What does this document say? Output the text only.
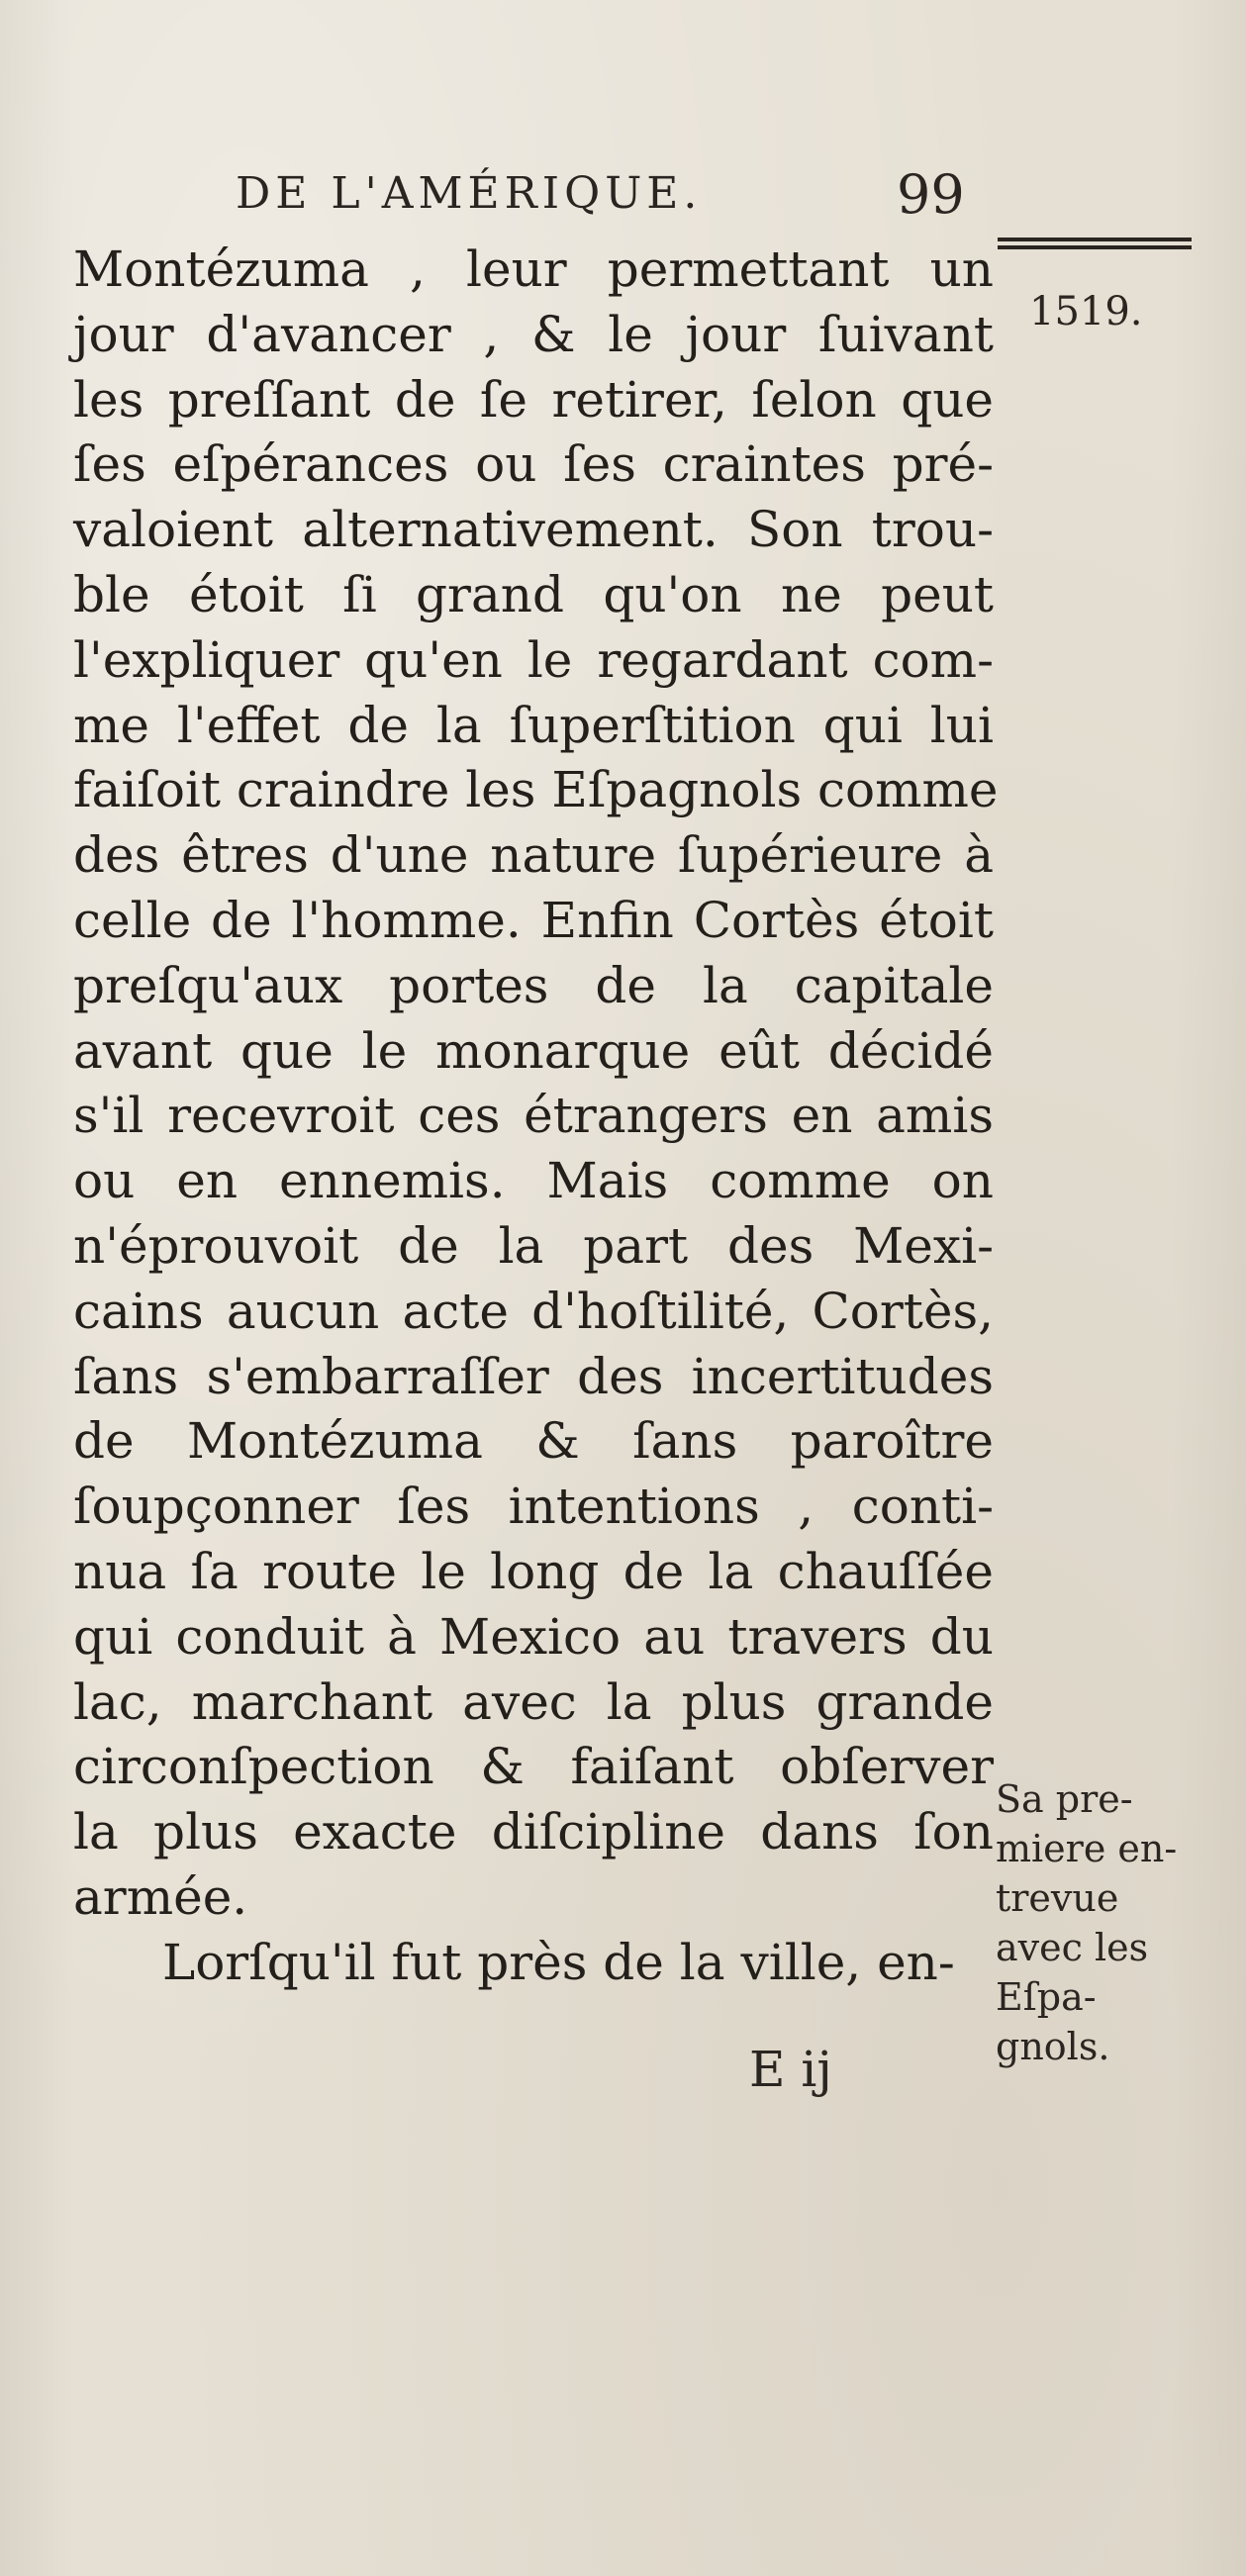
DE L'AMÉRIQUE.	99
1519.
Montézuma , leur permettant un
jour d'avancer , & le jour ſuivant
les preſſant de ſe retirer, ſelon que
ſes eſpérances ou ſes craintes pré-
valoient alternativement. Son trou-
ble étoit ſi grand qu'on ne peut
l'expliquer qu'en le regardant com-
me l'effet de la ſuperſtition qui lui
faiſoit craindre les Eſpagnols comme
des êtres d'une nature ſupérieure à
celle de l'homme. Enfin Cortès étoit
preſqu'aux portes de la capitale
avant que le monarque eût décidé
s'il recevroit ces étrangers en amis
ou en ennemis. Mais comme on
n'éprouvoit de la part des Mexi-
cains aucun acte d'hoſtilité, Cortès,
ſans s'embarraſſer des incertitudes
de Montézuma & ſans paroître
ſoupçonner ſes intentions , conti-
nua ſa route le long de la chauſſée
qui conduit à Mexico au travers du
lac, marchant avec la plus grande
circonſpection & faiſant obſerver
la plus exacte diſcipline dans ſon
armée.
Lorſqu'il fut près de la ville, en-
E ij
Sa pre-
miere en-
trevue
avec les
Eſpa-
gnols.
